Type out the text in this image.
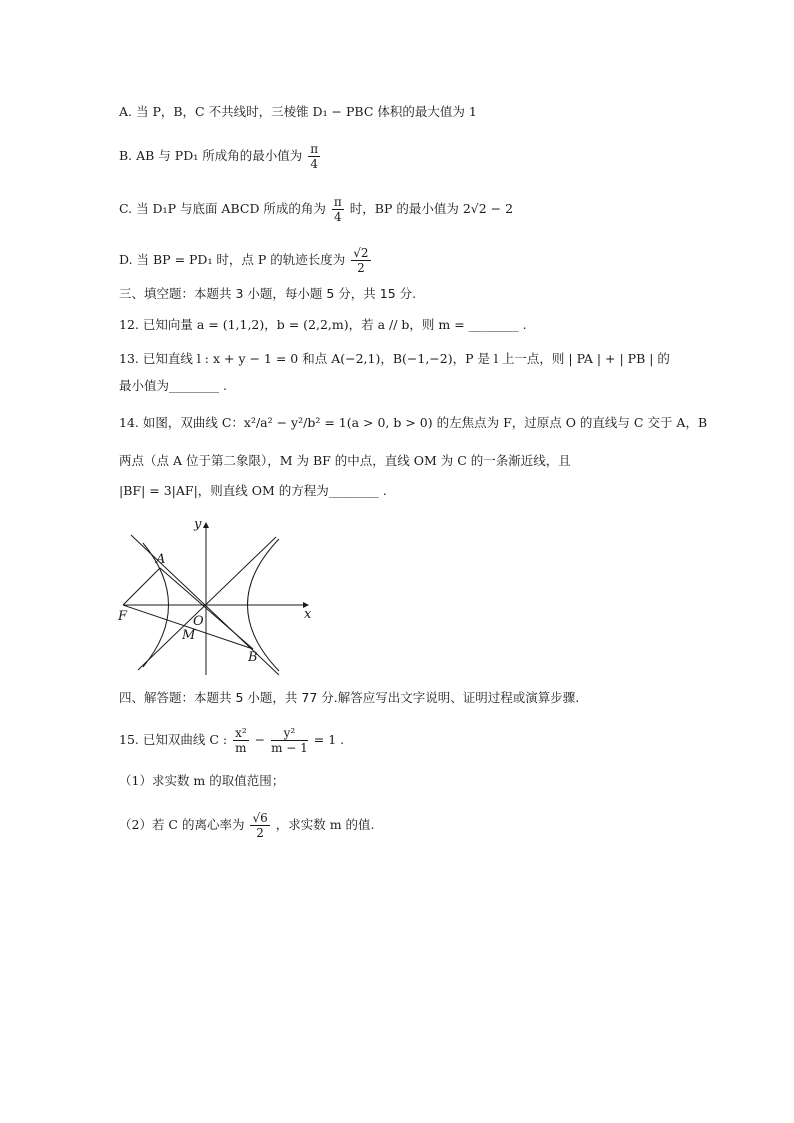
A. 当 P，B，C 不共线时，三棱锥 D₁ − PBC 体积的最大值为 1
B. AB 与 PD₁ 所成角的最小值为 $\frac{\pi}{4}$
C. 当 D₁P 与底面 ABCD 所成的角为 $\frac{\pi}{4}$ 时，BP 的最小值为 2√2 − 2
D. 当 BP = PD₁ 时，点 P 的轨迹长度为 $\frac{√2}{2}$
三、填空题：本题共 3 小题，每小题 5 分，共 15 分.
12. 已知向量 a = (1,1,2)，b = (2,2,m)，若 a // b，则 m = ________ .
13. 已知直线 l : x + y − 1 = 0 和点 A(−2,1)，B(−1,−2)，P 是 l 上一点，则 | PA | + | PB | 的
最小值为________ .
14. 如图，双曲线 C：x²/a² − y²/b² = 1(a > 0, b > 0) 的左焦点为 F，过原点 O 的直线与 C 交于 A，B
两点（点 A 位于第二象限），M 为 BF 的中点，直线 OM 为 C 的一条渐近线，且
|BF| = 3|AF|，则直线 OM 的方程为________ .
y
x
A
F	O
M
B
四、解答题：本题共 5 小题，共 77 分.解答应写出文字说明、证明过程或演算步骤.
15. 已知双曲线 C : $\frac{\text{x²}}{m} - \frac{\text{y²}}{m - 1} = 1$ .
（1）求实数 m 的取值范围；
（2）若 C 的离心率为 $\frac{√6}{2}$ ，求实数 m 的值.
